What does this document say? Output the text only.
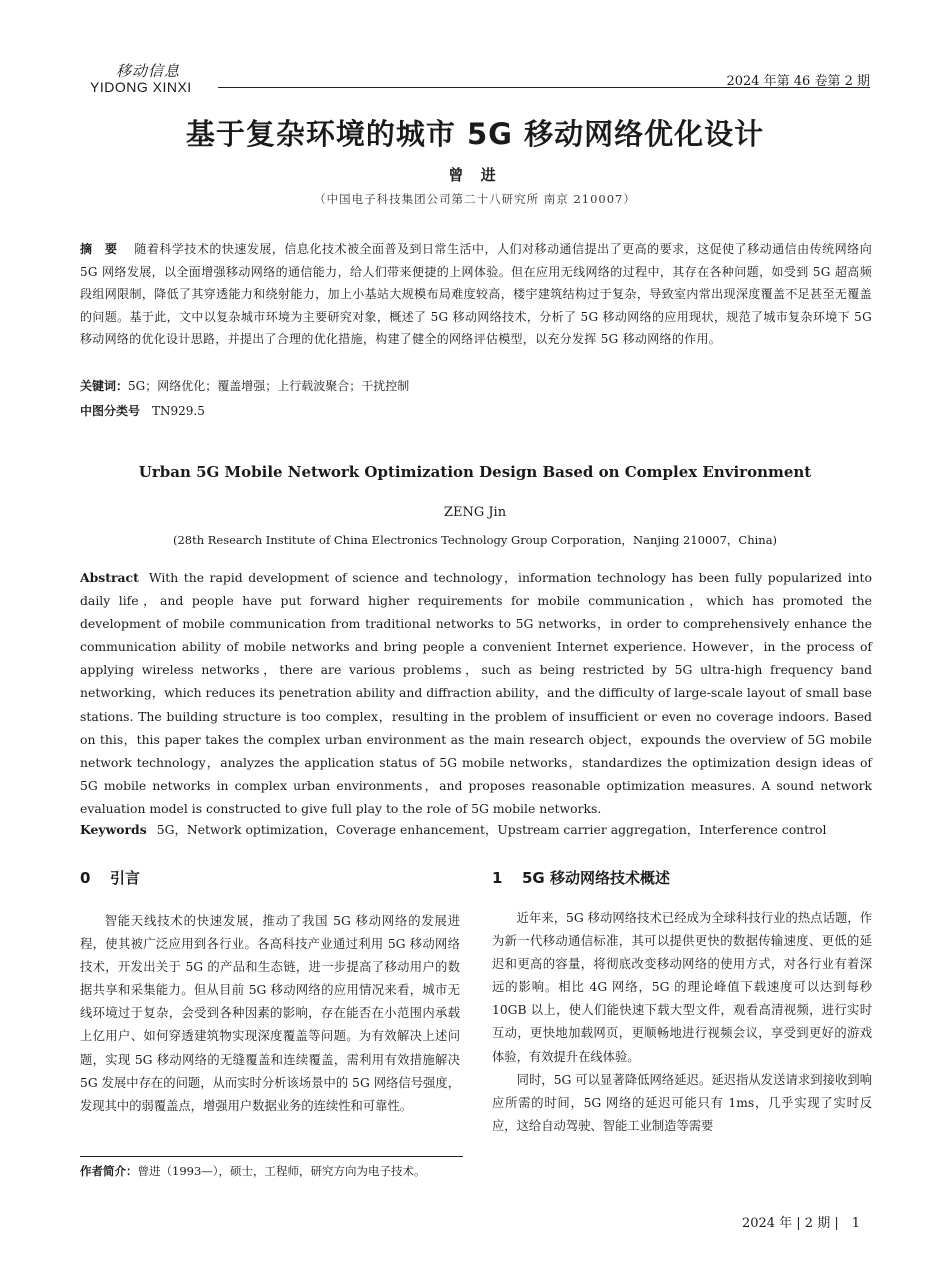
移动信息
YIDONG XINXI	2024 年第 46 卷第 2 期
基于复杂环境的城市 5G 移动网络优化设计
曾 进
（中国电子科技集团公司第二十八研究所 南京 210007）
摘　要　 随着科学技术的快速发展，信息化技术被全面普及到日常生活中，人们对移动通信提出了更高的要求，这促使了移动通信由传统网络向 5G 网络发展，以全面增强移动网络的通信能力，给人们带来便捷的上网体验。但在应用无线网络的过程中，其存在各种问题，如受到 5G 超高频段组网限制，降低了其穿透能力和绕射能力，加上小基站大规模布局难度较高，楼宇建筑结构过于复杂，导致室内常出现深度覆盖不足甚至无覆盖的问题。基于此，文中以复杂城市环境为主要研究对象，概述了 5G 移动网络技术，分析了 5G 移动网络的应用现状，规范了城市复杂环境下 5G 移动网络的优化设计思路，并提出了合理的优化措施，构建了健全的网络评估模型，以充分发挥 5G 移动网络的作用。
关键词：5G；网络优化；覆盖增强；上行载波聚合；干扰控制
中图分类号 TN929.5
Urban 5G Mobile Network Optimization Design Based on Complex Environment
ZENG Jin
(28th Research Institute of China Electronics Technology Group Corporation，Nanjing 210007，China)
Abstract With the rapid development of science and technology，information technology has been fully popularized into daily life，and people have put forward higher requirements for mobile communication，which has promoted the development of mobile communication from traditional networks to 5G networks，in order to comprehensively enhance the communication ability of mobile networks and bring people a convenient Internet experience. However，in the process of applying wireless networks，there are various problems，such as being restricted by 5G ultra-high frequency band networking，which reduces its penetration ability and diffraction ability，and the difficulty of large-scale layout of small base stations. The building structure is too complex，resulting in the problem of insufficient or even no coverage indoors. Based on this，this paper takes the complex urban environment as the main research object，expounds the overview of 5G mobile network technology，analyzes the application status of 5G mobile networks，standardizes the optimization design ideas of 5G mobile networks in complex urban environments，and proposes reasonable optimization measures. A sound network evaluation model is constructed to give full play to the role of 5G mobile networks.
Keywords 5G，Network optimization，Coverage enhancement，Upstream carrier aggregation，Interference control
0 引言

智能天线技术的快速发展，推动了我国 5G 移动网络的发展进程，使其被广泛应用到各行业。各高科技产业通过利用 5G 移动网络技术，开发出关于 5G 的产品和生态链，进一步提高了移动用户的数据共享和采集能力。但从目前 5G 移动网络的应用情况来看，城市无线环境过于复杂，会受到各种因素的影响，存在能否在小范围内承载上亿用户、如何穿透建筑物实现深度覆盖等问题。为有效解决上述问题，实现 5G 移动网络的无缝覆盖和连续覆盖，需利用有效措施解决 5G 发展中存在的问题，从而实时分析该场景中的 5G 网络信号强度，发现其中的弱覆盖点，增强用户数据业务的连续性和可靠性。

1 5G 移动网络技术概述

近年来，5G 移动网络技术已经成为全球科技行业的热点话题，作为新一代移动通信标准，其可以提供更快的数据传输速度、更低的延迟和更高的容量，将彻底改变移动网络的使用方式，对各行业有着深远的影响。相比 4G 网络，5G 的理论峰值下载速度可以达到每秒 10GB 以上，使人们能快速下载大型文件，观看高清视频，进行实时互动，更快地加载网页，更顺畅地进行视频会议，享受到更好的游戏体验，有效提升在线体验。

同时，5G 可以显著降低网络延迟。延迟指从发送请求到接收到响应所需的时间，5G 网络的延迟可能只有 1ms，几乎实现了实时反应，这给自动驾驶、智能工业制造等需要

作者简介：曾进（1993—），硕士，工程师，研究方向为电子技术。
2024 年 | 2 期 |　1
